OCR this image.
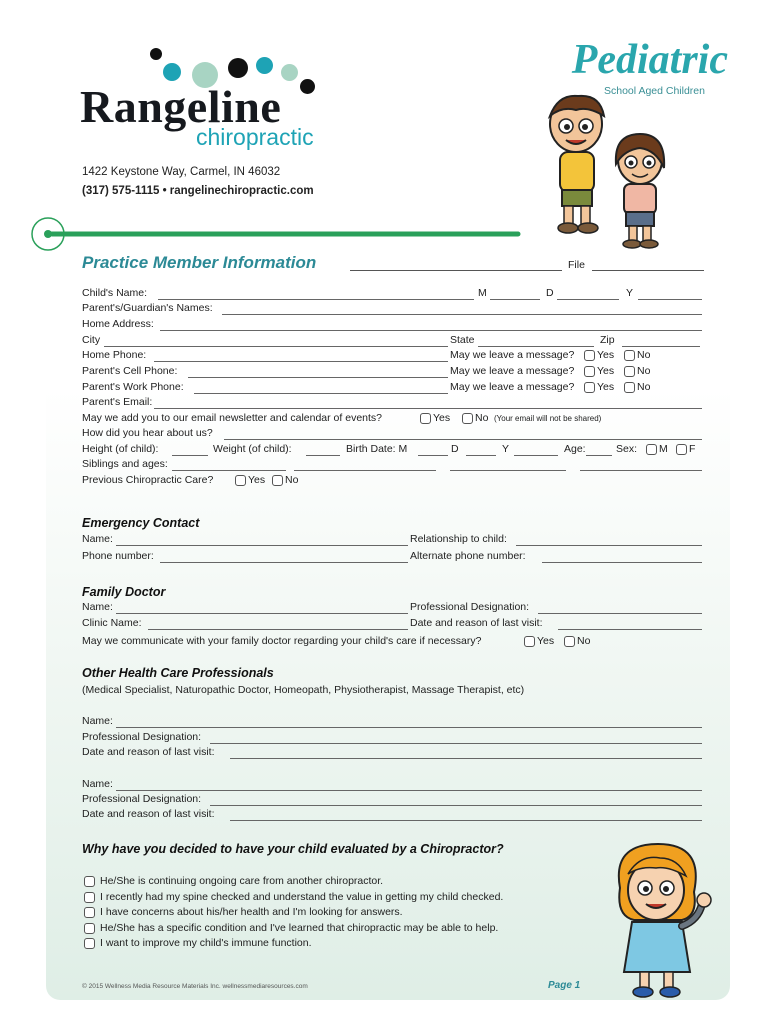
Rangeline
chiropractic
1422 Keystone Way, Carmel, IN 46032
(317) 575-1115 • rangelinechiropractic.com
Pediatric
School Aged Children
Practice Member Information	File
Child's Name:	M	D	Y
Parent's/Guardian's Names:
Home Address:
City	State	Zip
Home Phone:	May we leave a message? Yes No
Parent's Cell Phone:	May we leave a message? Yes No
Parent's Work Phone:	May we leave a message? Yes No
Parent's Email:
May we add you to our email newsletter and calendar of events?	Yes No (Your email will not be shared)
How did you hear about us?
Height (of child):	Weight (of child):	Birth Date: M	D	Y	Age:	Sex: M F
Siblings and ages:
Previous Chiropractic Care?	Yes No
Emergency Contact
Name:	Relationship to child:
Phone number:	Alternate phone number:
Family Doctor
Name:	Professional Designation:
Clinic Name:	Date and reason of last visit:
May we communicate with your family doctor regarding your child's care if necessary?	Yes No
Other Health Care Professionals
(Medical Specialist, Naturopathic Doctor, Homeopath, Physiotherapist, Massage Therapist, etc)
Name:
Professional Designation:
Date and reason of last visit:
Name:
Professional Designation:
Date and reason of last visit:
Why have you decided to have your child evaluated by a Chiropractor?
He/She is continuing ongoing care from another chiropractor.
I recently had my spine checked and understand the value in getting my child checked.
I have concerns about his/her health and I'm looking for answers.
He/She has a specific condition and I've learned that chiropractic may be able to help.
I want to improve my child's immune function.
© 2015 Wellness Media Resource Materials Inc. wellnessmediaresources.com	Page 1
